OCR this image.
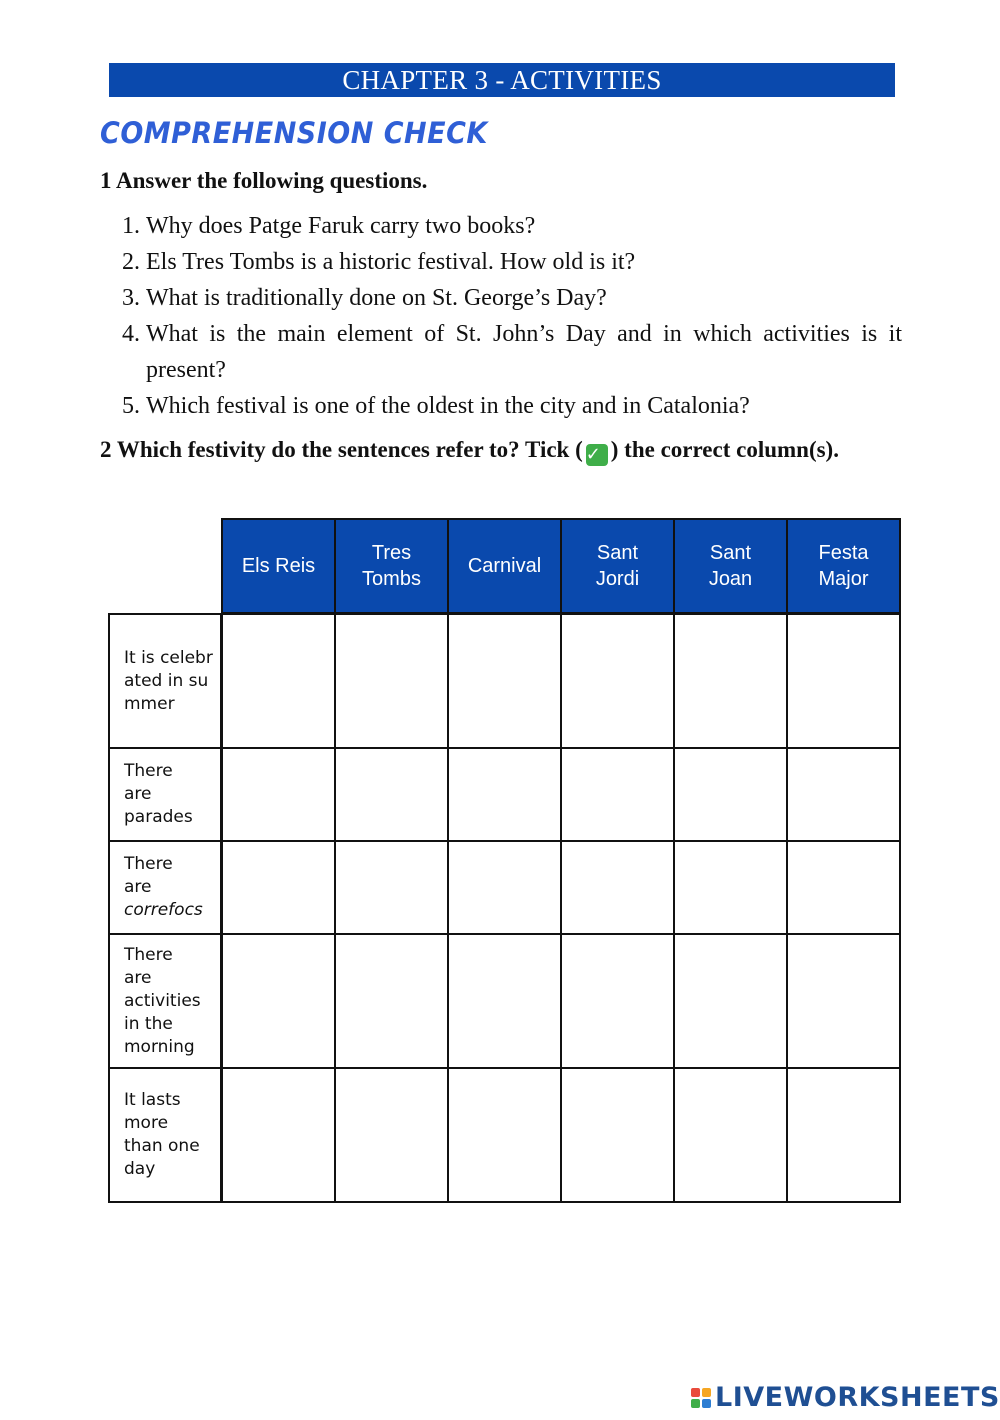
CHAPTER 3 - ACTIVITIES
COMPREHENSION CHECK
1 Answer the following questions.
1. Why does Patge Faruk carry two books?
2. Els Tres Tombs is a historic festival. How old is it?
3. What is traditionally done on St. George’s Day?
4. What is the main element of St. John’s Day and in which activities is it present?
5. Which festival is one of the oldest in the city and in Catalonia?
2 Which festivity do the sentences refer to? Tick ( ✓ ) the correct column(s).
Els Reis
Tres Tombs
Carnival
Sant Jordi
Sant Joan
Festa Major
It is celebrated in summer
There are parades
There are correfocs
There are activities in the morning
It lasts more than one day
LIVEWORKSHEETS
